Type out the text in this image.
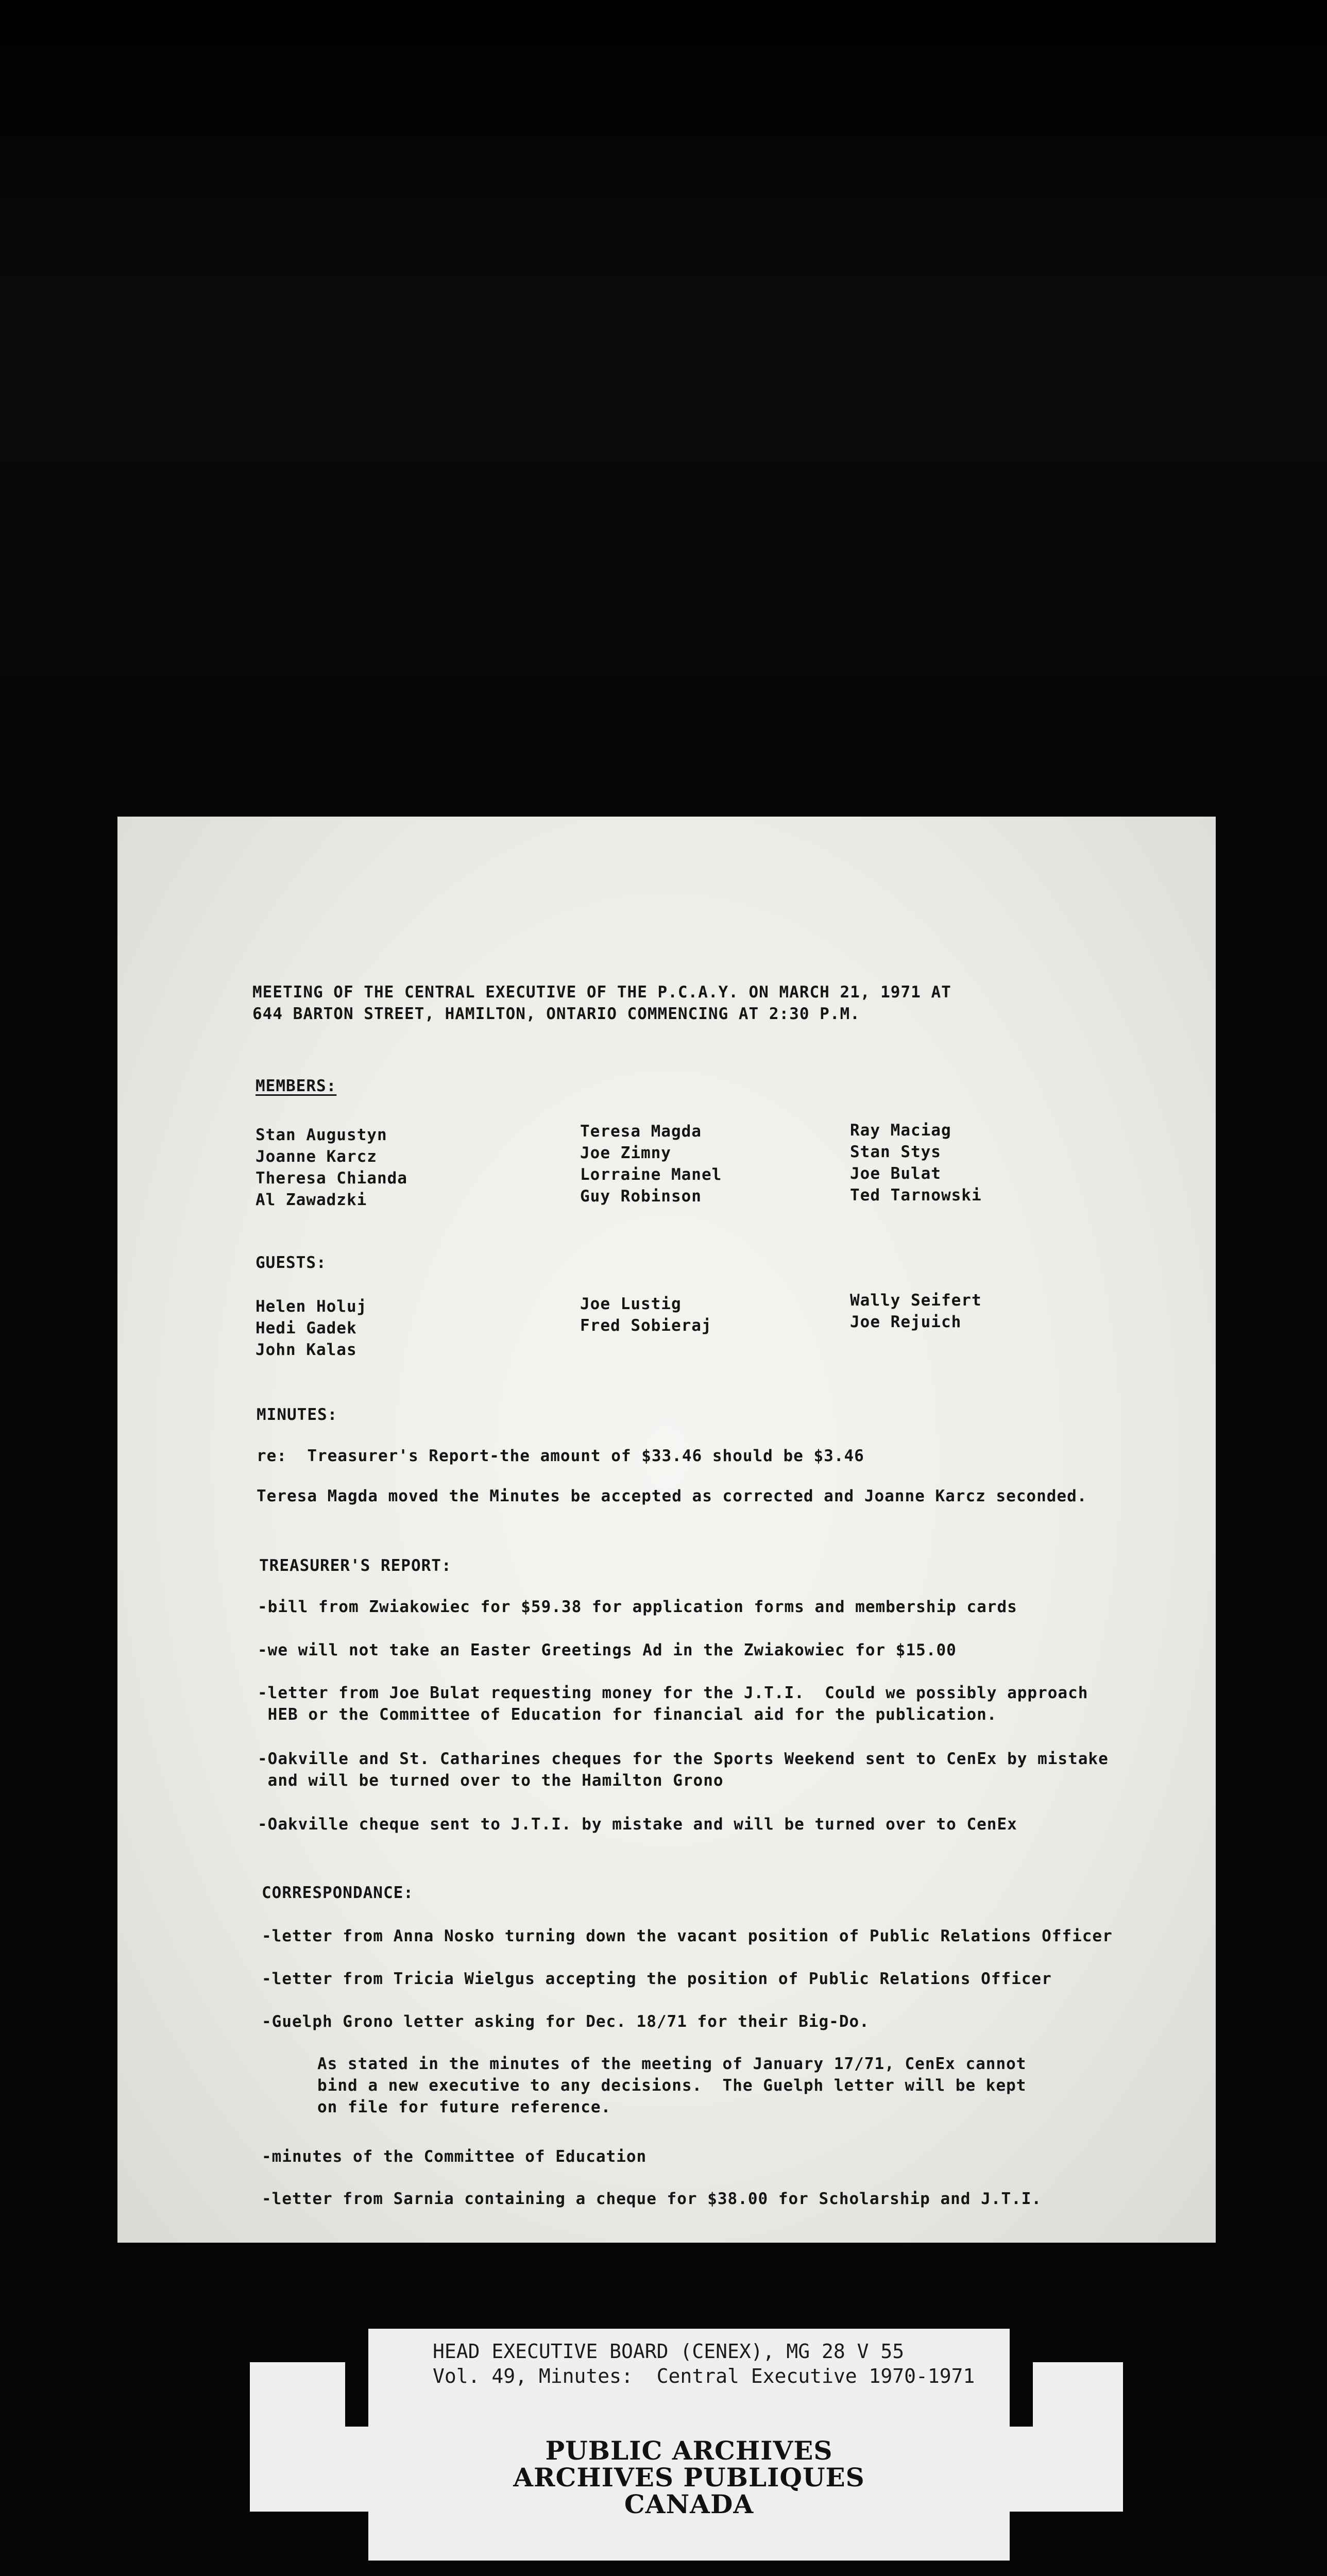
MEETING OF THE CENTRAL EXECUTIVE OF THE P.C.A.Y. ON MARCH 21, 1971 AT
644 BARTON STREET, HAMILTON, ONTARIO COMMENCING AT 2:30 P.M.
MEMBERS:
Stan Augustyn
Joanne Karcz
Theresa Chianda
Al Zawadzki
Teresa Magda
Joe Zimny
Lorraine Manel
Guy Robinson
Ray Maciag
Stan Stys
Joe Bulat
Ted Tarnowski
GUESTS:
Helen Holuj
Hedi Gadek
John Kalas
Joe Lustig
Fred Sobieraj
Wally Seifert
Joe Rejuich
MINUTES:
re:  Treasurer's Report-the amount of $33.46 should be $3.46
Teresa Magda moved the Minutes be accepted as corrected and Joanne Karcz seconded.
TREASURER'S REPORT:
-bill from Zwiakowiec for $59.38 for application forms and membership cards
-we will not take an Easter Greetings Ad in the Zwiakowiec for $15.00
-letter from Joe Bulat requesting money for the J.T.I.  Could we possibly approach
HEB or the Committee of Education for financial aid for the publication.
-Oakville and St. Catharines cheques for the Sports Weekend sent to CenEx by mistake
and will be turned over to the Hamilton Grono
-Oakville cheque sent to J.T.I. by mistake and will be turned over to CenEx
CORRESPONDANCE:
-letter from Anna Nosko turning down the vacant position of Public Relations Officer
-letter from Tricia Wielgus accepting the position of Public Relations Officer
-Guelph Grono letter asking for Dec. 18/71 for their Big-Do.
As stated in the minutes of the meeting of January 17/71, CenEx cannot
bind a new executive to any decisions.  The Guelph letter will be kept
on file for future reference.
-minutes of the Committee of Education
-letter from Sarnia containing a cheque for $38.00 for Scholarship and J.T.I.
HEAD EXECUTIVE BOARD (CENEX), MG 28 V 55
Vol. 49, Minutes:  Central Executive 1970-1971
PUBLIC ARCHIVES
ARCHIVES PUBLIQUES
CANADA
